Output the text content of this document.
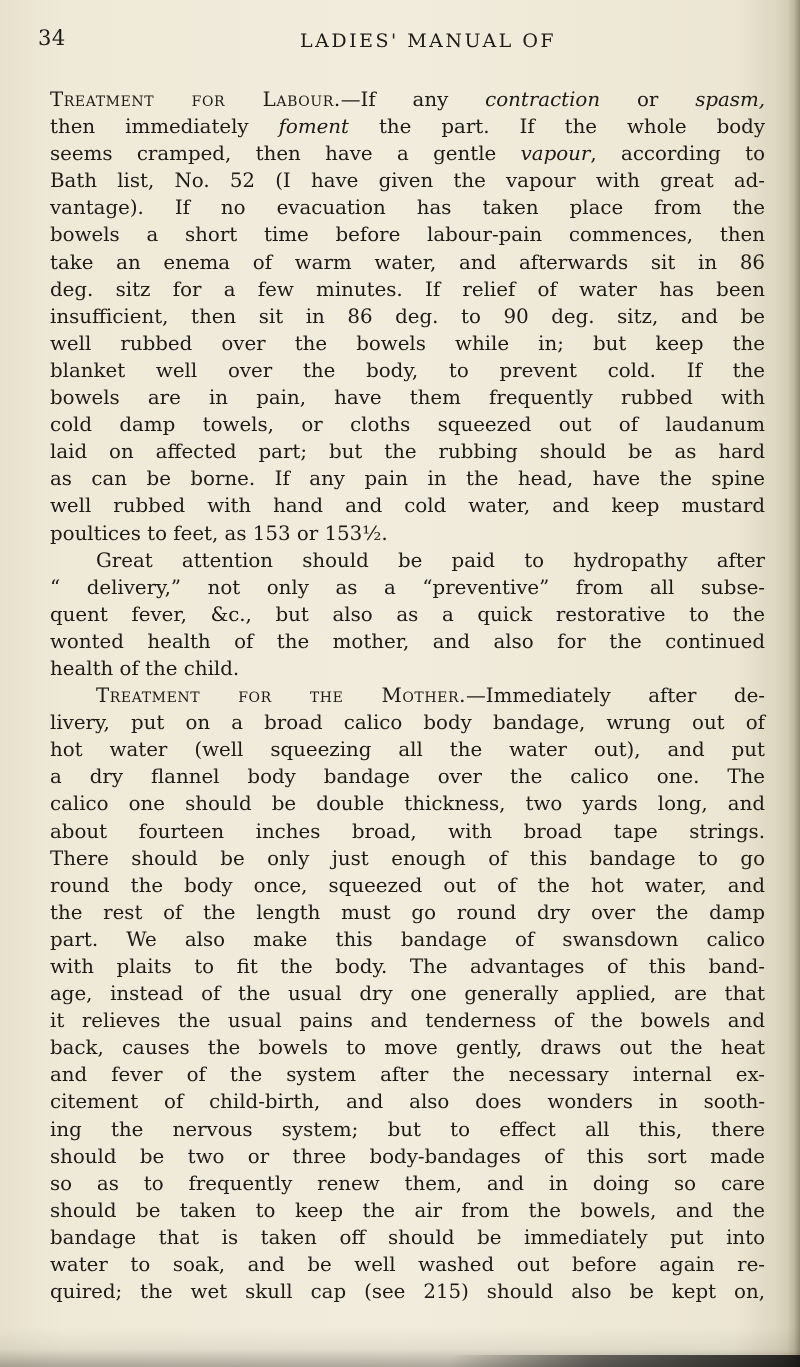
34	LADIES' MANUAL OF
Treatment for Labour.—If any contraction or spasm,
then immediately foment the part. If the whole body
seems cramped, then have a gentle vapour, according to
Bath list, No. 52 (I have given the vapour with great ad-
vantage). If no evacuation has taken place from the
bowels a short time before labour-pain commences, then
take an enema of warm water, and afterwards sit in 86
deg. sitz for a few minutes. If relief of water has been
insufficient, then sit in 86 deg. to 90 deg. sitz, and be
well rubbed over the bowels while in; but keep the
blanket well over the body, to prevent cold. If the
bowels are in pain, have them frequently rubbed with
cold damp towels, or cloths squeezed out of laudanum
laid on affected part; but the rubbing should be as hard
as can be borne. If any pain in the head, have the spine
well rubbed with hand and cold water, and keep mustard
poultices to feet, as 153 or 153½.
Great attention should be paid to hydropathy after
“ delivery,” not only as a “preventive” from all subse-
quent fever, &c., but also as a quick restorative to the
wonted health of the mother, and also for the continued
health of the child.
Treatment for the Mother.—Immediately after de-
livery, put on a broad calico body bandage, wrung out of
hot water (well squeezing all the water out), and put
a dry flannel body bandage over the calico one. The
calico one should be double thickness, two yards long, and
about fourteen inches broad, with broad tape strings.
There should be only just enough of this bandage to go
round the body once, squeezed out of the hot water, and
the rest of the length must go round dry over the damp
part. We also make this bandage of swansdown calico
with plaits to fit the body. The advantages of this band-
age, instead of the usual dry one generally applied, are that
it relieves the usual pains and tenderness of the bowels and
back, causes the bowels to move gently, draws out the heat
and fever of the system after the necessary internal ex-
citement of child-birth, and also does wonders in sooth-
ing the nervous system; but to effect all this, there
should be two or three body-bandages of this sort made
so as to frequently renew them, and in doing so care
should be taken to keep the air from the bowels, and the
bandage that is taken off should be immediately put into
water to soak, and be well washed out before again re-
quired; the wet skull cap (see 215) should also be kept on,
